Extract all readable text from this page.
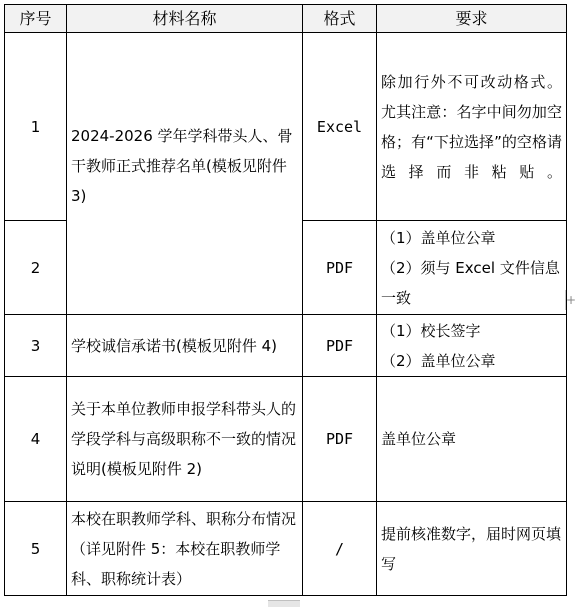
序号	材料名称	格式	要求
1	2024-2026 学年学科带头人、骨干教师正式推荐名单(模板见附件 3)	Excel	除加行外不可改动格式。

尤其注意：名字中间勿加空格；有“下拉选择”的空格请选择而非粘贴。

2		PDF	（1）盖单位公章

（2）须与 Excel 文件信息一致

3	学校诚信承诺书(模板见附件 4)	PDF	（1）校长签字

（2）盖单位公章

4	关于本单位教师申报学科带头人的学段学科与高级职称不一致的情况说明(模板见附件 2)	PDF	盖单位公章

5	本校在职教师学科、职称分布情况（详见附件 5：本校在职教师学科、职称统计表）	/	提前核准数字，届时网页填写

+
